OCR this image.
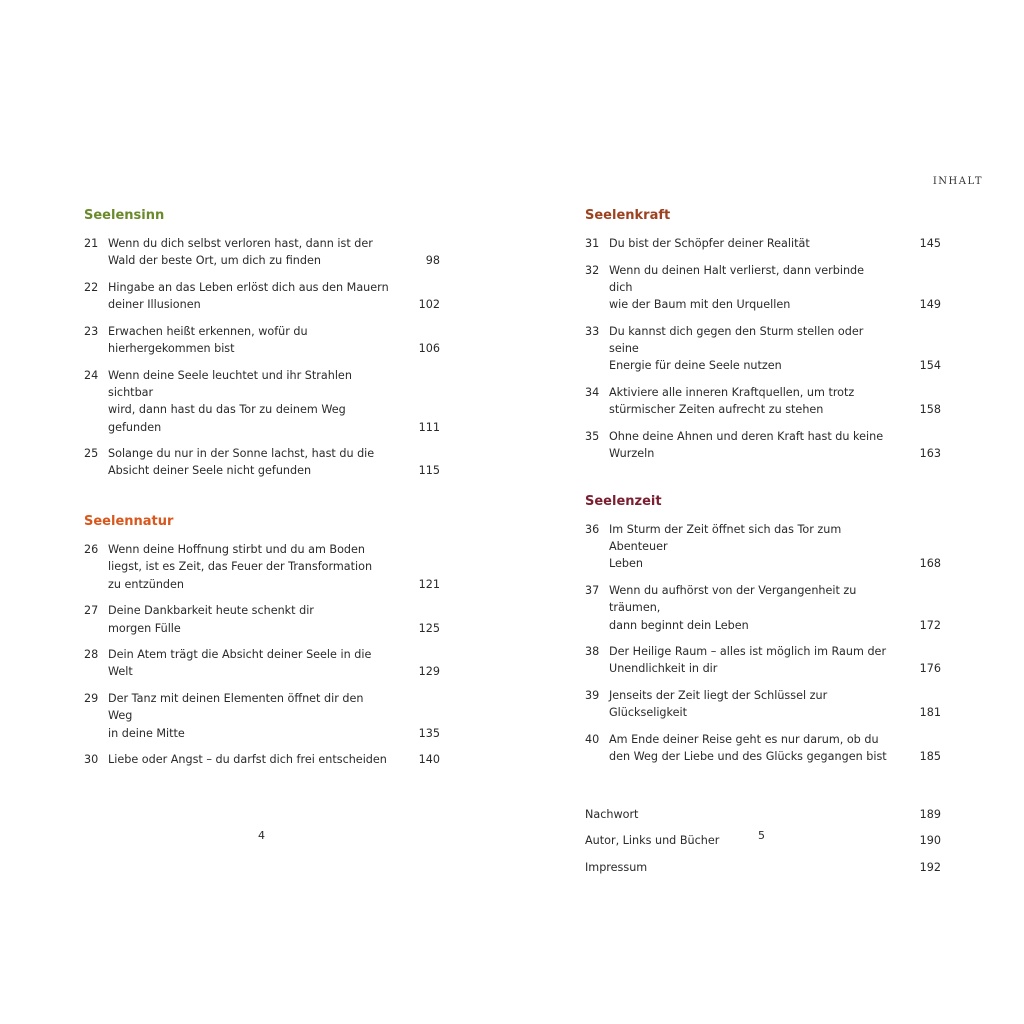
INHALT
Seelensinn
21 Wenn du dich selbst verloren hast, dann ist der
Wald der beste Ort, um dich zu finden	98
22 Hingabe an das Leben erlöst dich aus den Mauern
deiner Illusionen	102
23 Erwachen heißt erkennen, wofür du
hierhergekommen bist	106
24 Wenn deine Seele leuchtet und ihr Strahlen sichtbar
wird, dann hast du das Tor zu deinem Weg gefunden	111
25 Solange du nur in der Sonne lachst, hast du die
Absicht deiner Seele nicht gefunden	115
Seelennatur
26 Wenn deine Hoffnung stirbt und du am Boden
liegst, ist es Zeit, das Feuer der Transformation
zu entzünden	121
27 Deine Dankbarkeit heute schenkt dir
morgen Fülle	125
28 Dein Atem trägt die Absicht deiner Seele in die Welt	129
29 Der Tanz mit deinen Elementen öffnet dir den Weg
in deine Mitte	135
30 Liebe oder Angst – du darfst dich frei entscheiden	140
Seelenkraft
31 Du bist der Schöpfer deiner Realität	145
32 Wenn du deinen Halt verlierst, dann verbinde dich
wie der Baum mit den Urquellen	149
33 Du kannst dich gegen den Sturm stellen oder seine
Energie für deine Seele nutzen	154
34 Aktiviere alle inneren Kraftquellen, um trotz
stürmischer Zeiten aufrecht zu stehen	158
35 Ohne deine Ahnen und deren Kraft hast du keine
Wurzeln	163
Seelenzeit
36 Im Sturm der Zeit öffnet sich das Tor zum Abenteuer
Leben	168
37 Wenn du aufhörst von der Vergangenheit zu träumen,
dann beginnt dein Leben	172
38 Der Heilige Raum – alles ist möglich im Raum der
Unendlichkeit in dir	176
39 Jenseits der Zeit liegt der Schlüssel zur
Glückseligkeit	181
40 Am Ende deiner Reise geht es nur darum, ob du
den Weg der Liebe und des Glücks gegangen bist	185
Nachwort	189
Autor, Links und Bücher	190
Impressum	192
4	5
